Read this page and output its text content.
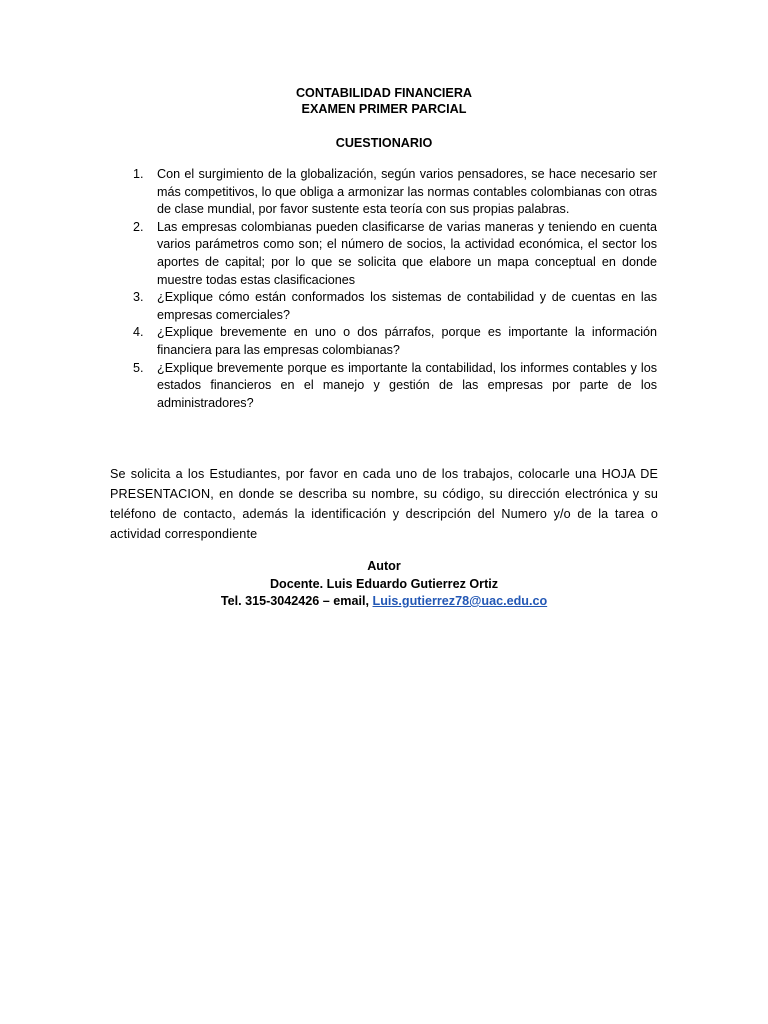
CONTABILIDAD FINANCIERA
EXAMEN PRIMER PARCIAL
CUESTIONARIO
1. Con el surgimiento de la globalización, según varios pensadores, se hace necesario ser más competitivos, lo que obliga a armonizar las normas contables colombianas con otras de clase mundial, por favor sustente esta teoría con sus propias palabras.
2. Las empresas colombianas pueden clasificarse de varias maneras y teniendo en cuenta varios parámetros como son; el número de socios, la actividad económica, el sector los aportes de capital; por lo que se solicita que elabore un mapa conceptual en donde muestre todas estas clasificaciones
3. ¿Explique cómo están conformados los sistemas de contabilidad y de cuentas en las empresas comerciales?
4. ¿Explique brevemente en uno o dos párrafos, porque es importante la información financiera para las empresas colombianas?
5. ¿Explique brevemente porque es importante la contabilidad, los informes contables y los estados financieros en el manejo y gestión de las empresas por parte de los administradores?

Se solicita a los Estudiantes, por favor en cada uno de los trabajos, colocarle una HOJA DE PRESENTACION, en donde se describa su nombre, su código, su dirección electrónica y su teléfono de contacto, además la identificación y descripción del Numero y/o de la tarea o actividad correspondiente

Autor
Docente. Luis Eduardo Gutierrez Ortiz
Tel. 315-3042426 – email, Luis.gutierrez78@uac.edu.co
